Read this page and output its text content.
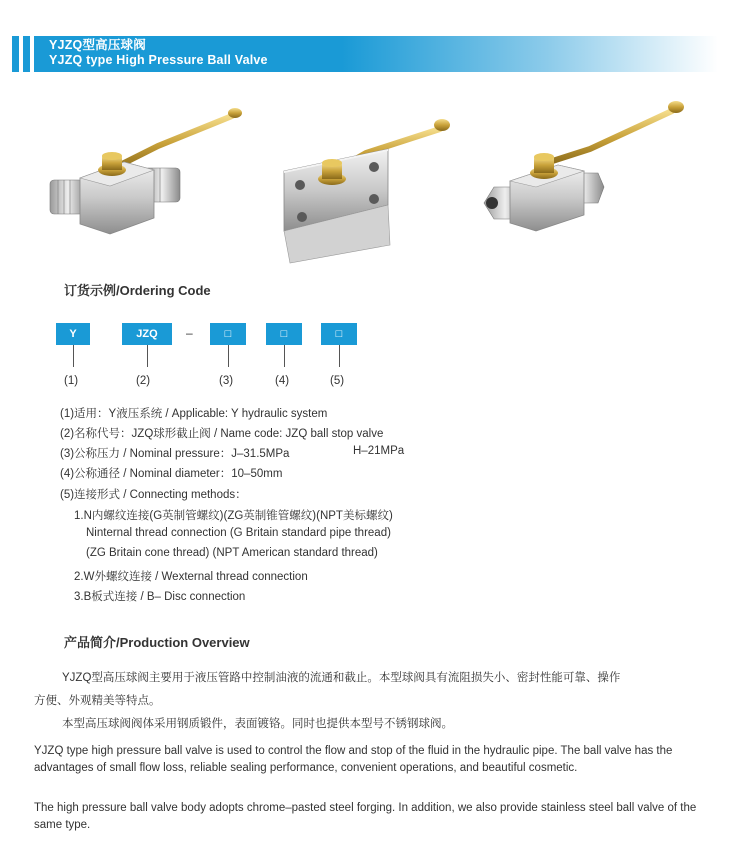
YJZQ型高压球阀
YJZQ type High Pressure Ball Valve
订货示例/Ordering Code
Y	JZQ	–	□	□	□
(1)	(2)	(3)	(4)	(5)
(1)适用：Y液压系统 / Applicable: Y hydraulic system
(2)名称代号：JZQ球形截止阀 / Name code: JZQ ball stop valve
(3)公称压力 / Nominal pressure：J–31.5MPa	H–21MPa
(4)公称通径 / Nominal diameter：10–50mm
(5)连接形式 / Connecting methods：
1.N内螺纹连接(G英制管螺纹)(ZG英制锥管螺纹)(NPT美标螺纹)
Ninternal thread connection (G Britain standard pipe thread)
(ZG Britain cone thread) (NPT American standard thread)
2.W外螺纹连接 / Wexternal thread connection
3.B板式连接 / B– Disc connection
产品简介/Production Overview
YJZQ型高压球阀主要用于液压管路中控制油液的流通和截止。本型球阀具有流阻损失小、密封性能可靠、操作
方便、外观精美等特点。
本型高压球阀阀体采用钢质锻件，表面镀铬。同时也提供本型号不锈钢球阀。
YJZQ type high pressure ball valve is used to control the flow and stop of the fluid in the hydraulic pipe. The ball valve has the advantages of small flow loss, reliable sealing performance, convenient operations, and beautiful cosmetic.
The high pressure ball valve body adopts chrome–pasted steel forging. In addition, we also provide stainless steel ball valve of the same type.
